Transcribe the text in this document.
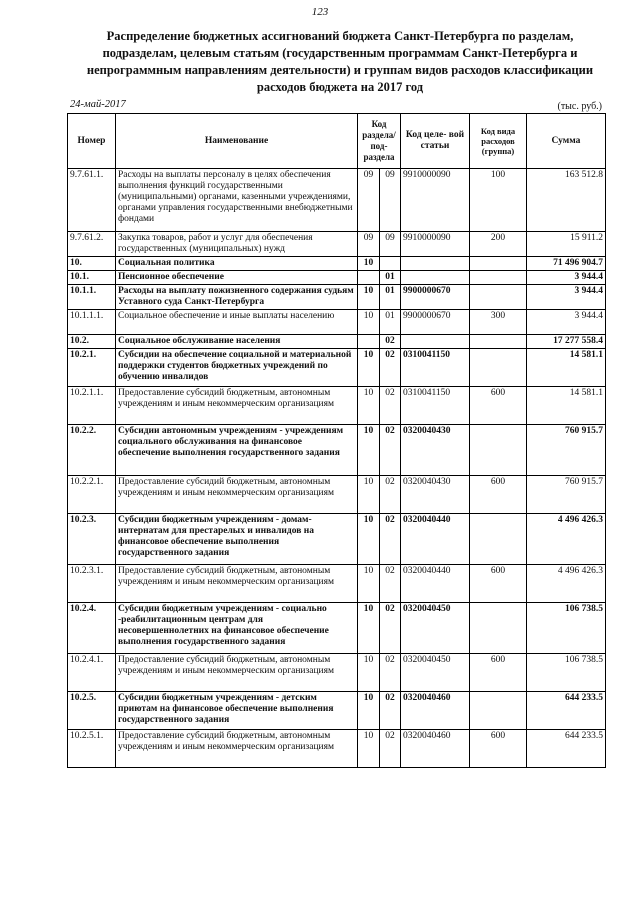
123
Распределение бюджетных ассигнований бюджета Санкт-Петербурга по разделам, подразделам, целевым статьям (государственным программам Санкт-Петербурга и непрограммным направлениям деятельности) и группам видов расходов классификации расходов бюджета на 2017 год
24-май-2017	(тыс. руб.)
Номер	Наименование	Код раздела/ под- раздела		Код целе- вой статьи	Код вида расходов (группа)	Сумма
9.7.61.1.	Расходы на выплаты персоналу в целях обеспечения выполнения функций государственными (муниципальными) органами, казенными учреждениями, органами управления государственными внебюджетными фондами	09	09	9910000090	100	163 512.8
9.7.61.2.	Закупка товаров, работ и услуг для обеспечения государственных (муниципальных) нужд	09	09	9910000090	200	15 911.2
10.	Социальная политика	10				71 496 904.7
10.1.	Пенсионное обеспечение		01			3 944.4
10.1.1.	Расходы на выплату пожизненного содержания судьям Уставного суда Санкт-Петербурга	10	01	9900000670		3 944.4
10.1.1.1.	Социальное обеспечение и иные выплаты населению	10	01	9900000670	300	3 944.4
10.2.	Социальное обслуживание населения		02			17 277 558.4
10.2.1.	Субсидии на обеспечение социальной и материальной поддержки студентов бюджетных учреждений по обучению инвалидов	10	02	0310041150		14 581.1
10.2.1.1.	Предоставление субсидий бюджетным, автономным учреждениям и иным некоммерческим организациям	10	02	0310041150	600	14 581.1
10.2.2.	Субсидии автономным учреждениям - учреждениям социального обслуживания на финансовое обеспечение выполнения государственного задания	10	02	0320040430		760 915.7
10.2.2.1.	Предоставление субсидий бюджетным, автономным учреждениям и иным некоммерческим организациям	10	02	0320040430	600	760 915.7
10.2.3.	Субсидии бюджетным учреждениям - домам-интернатам для престарелых и инвалидов на финансовое обеспечение выполнения государственного задания	10	02	0320040440		4 496 426.3
10.2.3.1.	Предоставление субсидий бюджетным, автономным учреждениям и иным некоммерческим организациям	10	02	0320040440	600	4 496 426.3
10.2.4.	Субсидии бюджетным учреждениям - социально -реабилитационным центрам для несовершеннолетних на финансовое обеспечение выполнения государственного задания	10	02	0320040450		106 738.5
10.2.4.1.	Предоставление субсидий бюджетным, автономным учреждениям и иным некоммерческим организациям	10	02	0320040450	600	106 738.5
10.2.5.	Субсидии бюджетным учреждениям - детским приютам на финансовое обеспечение выполнения государственного задания	10	02	0320040460		644 233.5
10.2.5.1.	Предоставление субсидий бюджетным, автономным учреждениям и иным некоммерческим организациям	10	02	0320040460	600	644 233.5
